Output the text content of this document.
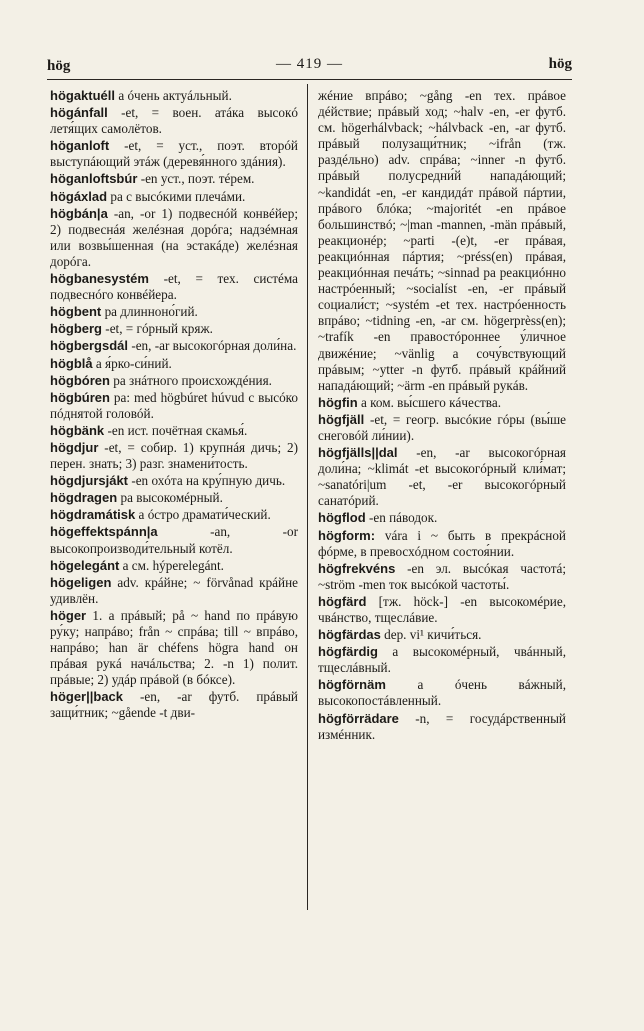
hög	— 419 —	hög
högaktuéll a óчень актуáльный.
högánfall -et, = воен. атáка высокó летя́щих самолётов.
höganloft -et, = уст., поэт. вторóй выступáющий этáж (деревя́нного здáния).
höganloftsbúr -en уст., поэт. тéрем.
högáxlad pa с высóкими плечáми.
högbán|a -an, -or 1) подвеснóй конвéйер; 2) подвеснáя желéзная дорóга; надзéмная или возвы́шенная (на эстакáде) желéзная дорóга.
högbanesystém -et, = тех. систéма подвеснóго конвéйера.
högbent pa длинноно́гий.
högberg -et, = гóрный кряж.
högbergsdál -en, -ar высокогóрная доли́на.
högblå a я́рко-си́ний.
högbóren pa знáтного происхождéния.
högbúren pa: med högbúret húvud с высóко пóднятой головóй.
högbänk -en ист. почётная скамья́.
högdjur -et, = собир. 1) крупнáя дичь; 2) перен. знать; 3) разг. знамени́тость.
högdjursjákt -en охóта на кру́пную дичь.
högdragen pa высокомéрный.
högdramátisk a óстро драмати́ческий.
högeffektspánn|a -an, -or высокопроизводи́тельный котёл.
högelegánt a см. hýperelegánt.
högeligen adv. крáйне; ~ förvånad крáйне удивлён.
höger 1. a прáвый; på ~ hand по прáвую ру́ку; напрáво; från ~ спрáва; till ~ впрáво, напрáво; han är chéfens högra hand он прáвая рукá начáльства; 2. -n 1) полит. прáвые; 2) удáр прáвой (в бóксе).
höger||back -en, -ar футб. прáвый защи́тник; ~gående -t дви-
жéние впрáво; ~gång -en тех. прáвое дéйствие; прáвый ход; ~halv -en, -er футб. см. högerhálvback; ~hálvback -en, -ar футб. прáвый полузащи́тник; ~ifrån (тж. раздéльно) adv. спрáва; ~inner -n футб. прáвый полусредни́й нападáющий; ~kandidát -en, -er кандидáт прáвой пáртии, прáвого блóка; ~majoritét -en прáвое большинствó; ~|man -mannen, -män прáвый, реакционéр; ~parti -(e)t, -er прáвая, реакциóнная пáртия; ~préss(en) прáвая, реакциóнная печáть; ~sinnad pa реакциóнно настрóенный; ~socialíst -en, -er прáвый социали́ст; ~systém -et тех. настрóенность впрáво; ~tidning -en, -ar см. högerprèss(en); ~trafík -en правостóроннее у́личное движéние; ~vänlig a сочу́вствующий прáвым; ~ytter -n футб. прáвый крáйний нападáющий; ~ärm -en прáвый рукáв.
högfin a ком. вы́сшего кáчества.
högfjäll -et, = геогр. высóкие гóры (вы́ше снеговóй ли́нии).
högfjälls||dal -en, -ar высокогóрная доли́на; ~klimát -et высокогóрный кли́мат; ~sanatóri|um -et, -er высокогóрный санатóрий.
högflod -en пáводок.
högform: vára i ~ быть в прекрáсной фóрме, в превосхóдном состоя́нии.
högfrekvéns -en эл. высóкая частотá; ~ström -men ток высóкой частоты́.
högfärd [тж. höck-] -en высокомéрие, чвáнство, тщеслáвие.
högfärdas dep. vi¹ кичи́ться.
högfärdig a высокомéрный, чвáнный, тщеслáвный.
högförnäm a óчень вáжный, высокопостáвленный.
högförrädare -n, = госудáрственный измéнник.
